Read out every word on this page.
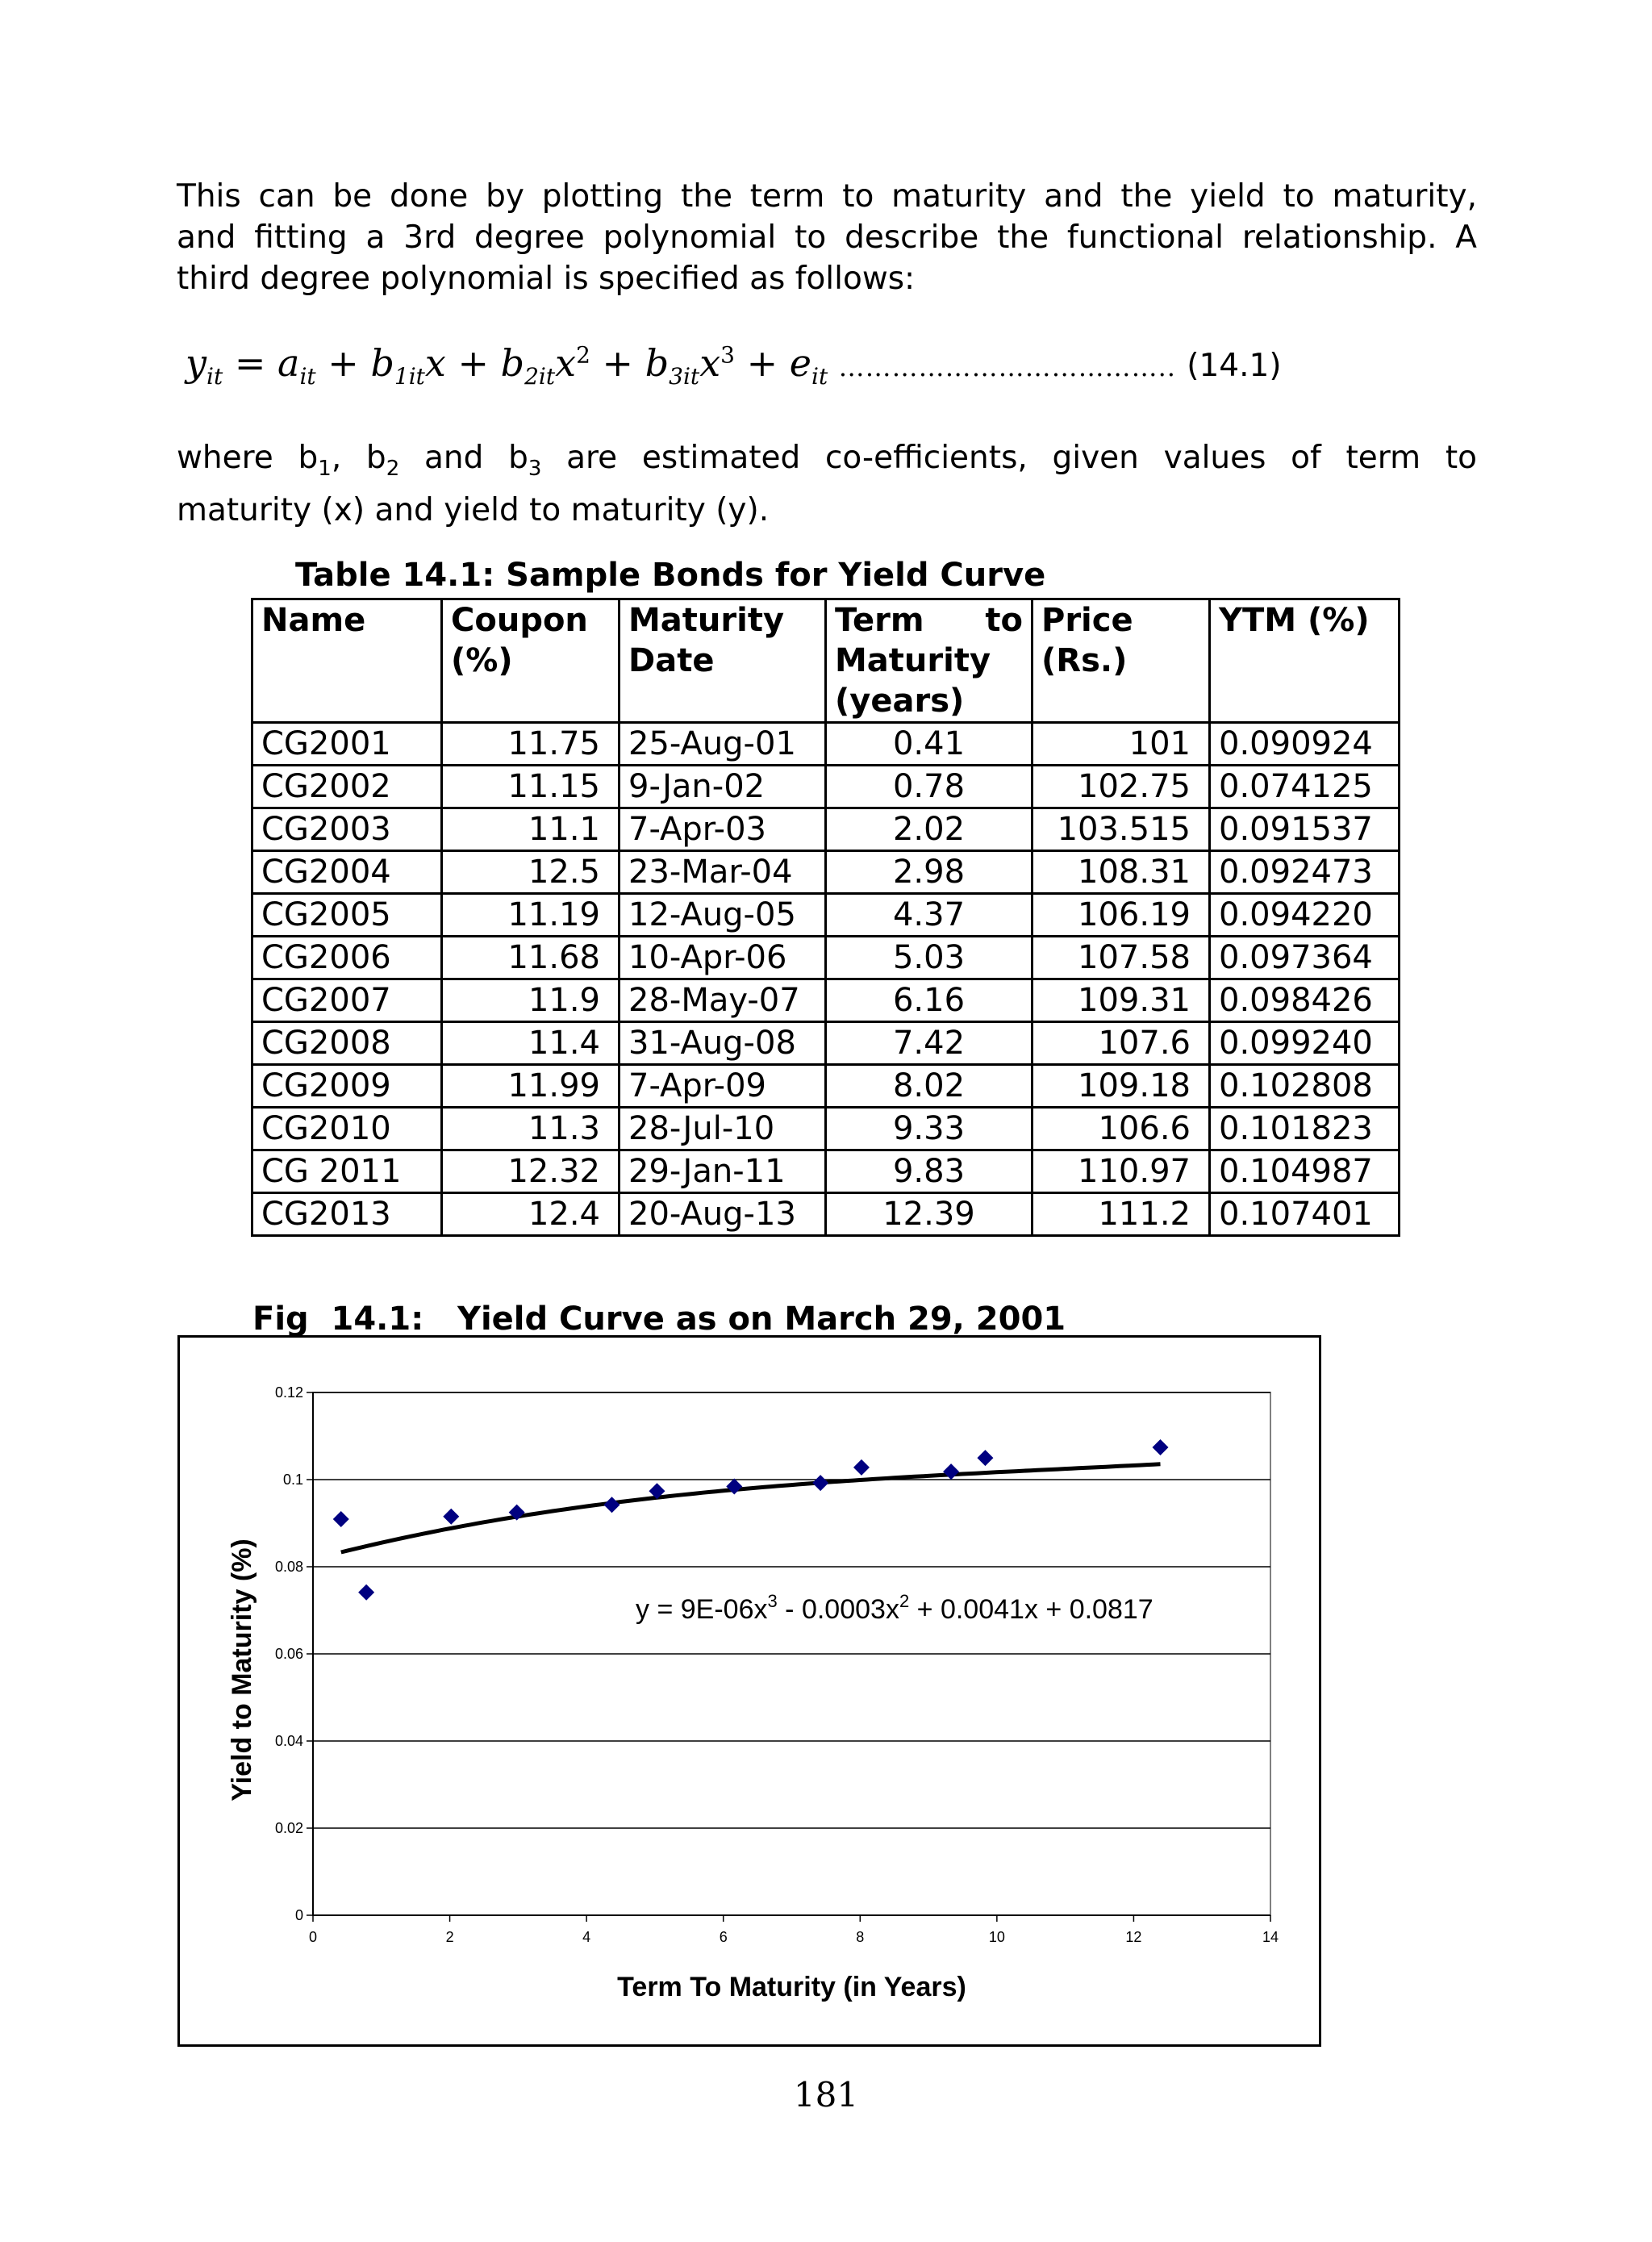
This can be done by plotting the term to maturity and the yield to maturity,
and fitting a 3rd degree polynomial to describe the functional relationship. A
third degree polynomial is specified as follows:
$y_{it} = a_{it} + b_{1it}x + b_{2it}x^2 + b_{3it}x^3 + e_{it}$ ……………………………….. (14.1)
where $b_1$, $b_2$ and $b_3$ are estimated co-efficients, given values of term to
maturity (x) and yield to maturity (y).
Table 14.1: Sample Bonds for Yield Curve
Name	Coupon (%)	Maturity Date	Term to Maturity (years)	Price (Rs.)	YTM (%)
CG2001	11.75	25-Aug-01	0.41	101	0.090924
CG2002	11.15	9-Jan-02	0.78	102.75	0.074125
CG2003	11.1	7-Apr-03	2.02	103.515	0.091537
CG2004	12.5	23-Mar-04	2.98	108.31	0.092473
CG2005	11.19	12-Aug-05	4.37	106.19	0.094220
CG2006	11.68	10-Apr-06	5.03	107.58	0.097364
CG2007	11.9	28-May-07	6.16	109.31	0.098426
CG2008	11.4	31-Aug-08	7.42	107.6	0.099240
CG2009	11.99	7-Apr-09	8.02	109.18	0.102808
CG2010	11.3	28-Jul-10	9.33	106.6	0.101823
CG 2011	12.32	29-Jan-11	9.83	110.97	0.104987
CG2013	12.4	20-Aug-13	12.39	111.2	0.107401
Fig  14.1:   Yield Curve as on March 29, 2001
0
0.02
0.04
0.06
0.08
0.1
0.12
0	2	4	6	8	10	12	14
Term To Maturity (in Years)
Yield to Maturity (%)	$y = 9E-06x^3 - 0.0003x^2 + 0.0041x + 0.0817$
181
